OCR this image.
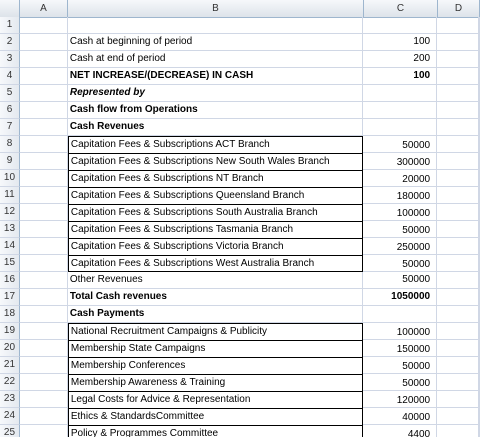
A	B	C	D
1
2	Cash at beginning of period	100
3	Cash at end of period	200
4	NET INCREASE/(DECREASE) IN CASH	100
5	Represented by
6	Cash flow from Operations
7	Cash Revenues
8	Capitation Fees & Subscriptions ACT Branch	50000
9	Capitation Fees & Subscriptions New South Wales Branch	300000
10	Capitation Fees & Subscriptions NT Branch	20000
11	Capitation Fees & Subscriptions Queensland Branch	180000
12	Capitation Fees & Subscriptions South Australia Branch	100000
13	Capitation Fees & Subscriptions Tasmania Branch	50000
14	Capitation Fees & Subscriptions Victoria Branch	250000
15	Capitation Fees & Subscriptions West Australia Branch	50000
16	Other Revenues	50000
17	Total Cash revenues	1050000
18	Cash Payments
19	National Recruitment Campaigns & Publicity	100000
20	Membership State Campaigns	150000
21	Membership Conferences	50000
22	Membership Awareness & Training	50000
23	Legal Costs for Advice & Representation	120000
24	Ethics & StandardsCommittee	40000
25	Policy & Programmes Committee	4400
